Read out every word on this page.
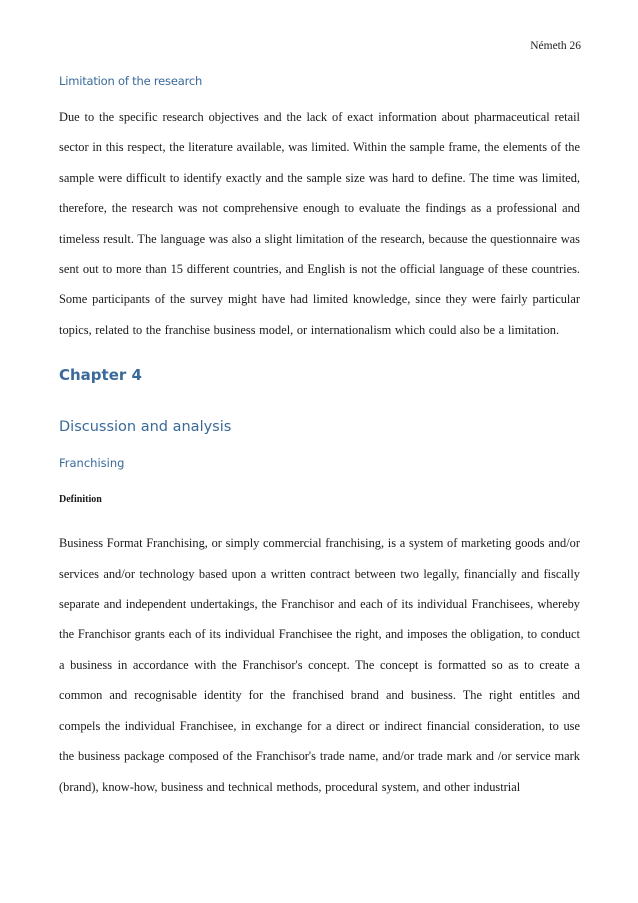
Németh 26
Limitation of the research

Due to the specific research objectives and the lack of exact information about pharmaceutical retail sector in this respect, the literature available, was limited. Within the sample frame, the elements of the sample were difficult to identify exactly and the sample size was hard to define. The time was limited, therefore, the research was not comprehensive enough to evaluate the findings as a professional and timeless result. The language was also a slight limitation of the research, because the questionnaire was sent out to more than 15 different countries, and English is not the official language of these countries. Some participants of the survey might have had limited knowledge, since they were fairly particular topics, related to the franchise business model, or internationalism which could also be a limitation.

Chapter 4
Discussion and analysis
Franchising
Definition

Business Format Franchising, or simply commercial franchising, is a system of marketing goods and/or services and/or technology based upon a written contract between two legally, financially and fiscally separate and independent undertakings, the Franchisor and each of its individual Franchisees, whereby the Franchisor grants each of its individual Franchisee the right, and imposes the obligation, to conduct a business in accordance with the Franchisor's concept. The concept is formatted so as to create a common and recognisable identity for the franchised brand and business. The right entitles and compels the individual Franchisee, in exchange for a direct or indirect financial consideration, to use the business package composed of the Franchisor's trade name, and/or trade mark and /or service mark (brand), know-how, business and technical methods, procedural system, and other industrial
